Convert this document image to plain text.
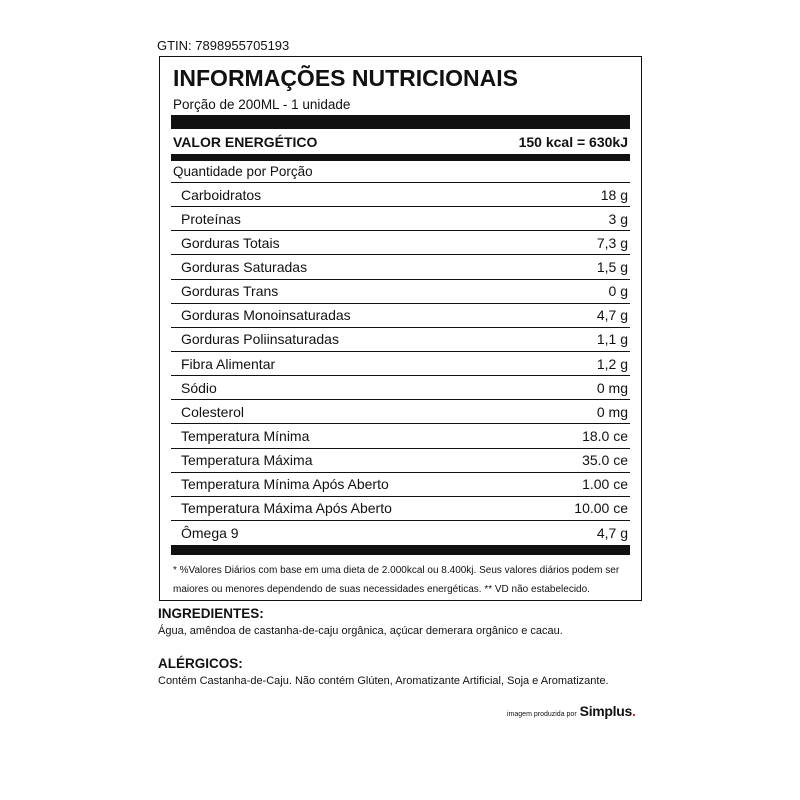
GTIN: 7898955705193
INFORMAÇÕES NUTRICIONAIS
Porção de 200ML - 1 unidade
VALOR ENERGÉTICO	150 kcal = 630kJ
Quantidade por Porção
Carboidratos	18 g
Proteínas	3 g
Gorduras Totais	7,3 g
Gorduras Saturadas	1,5 g
Gorduras Trans	0 g
Gorduras Monoinsaturadas	4,7 g
Gorduras Poliinsaturadas	1,1 g
Fibra Alimentar	1,2 g
Sódio	0 mg
Colesterol	0 mg
Temperatura Mínima	18.0 ce
Temperatura Máxima	35.0 ce
Temperatura Mínima Após Aberto	1.00 ce
Temperatura Máxima Após Aberto	10.00 ce
Ômega 9	4,7 g
* %Valores Diários com base em uma dieta de 2.000kcal ou 8.400kj. Seus valores diários podem ser
maiores ou menores dependendo de suas necessidades energéticas. ** VD não estabelecido.
INGREDIENTES:
Água, amêndoa de castanha-de-caju orgânica, açúcar demerara orgânico e cacau.
ALÉRGICOS:
Contém Castanha-de-Caju. Não contém Glúten, Aromatizante Artificial, Soja e Aromatizante.
imagem produzida por Simplus.
